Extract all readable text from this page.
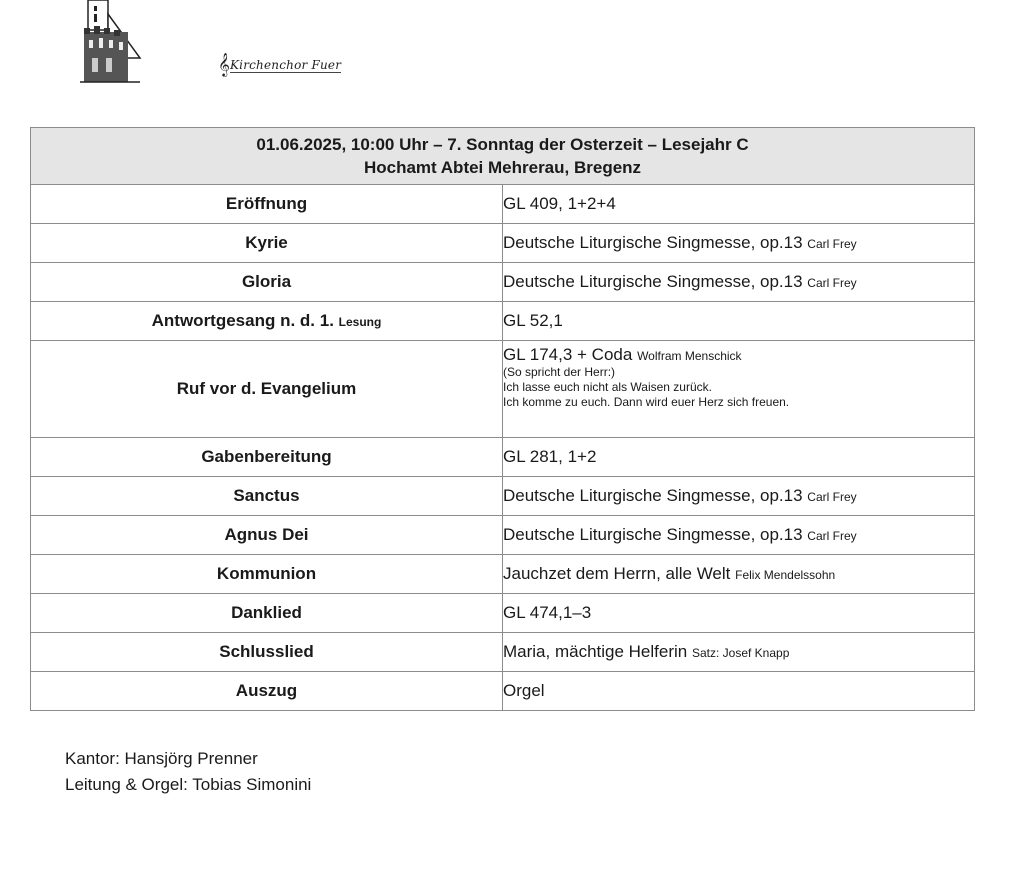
𝄞 Kirchenchor Fuer
01.06.2025, 10:00 Uhr – 7. Sonntag der Osterzeit – Lesejahr C
Hochamt Abtei Mehrerau, Bregenz	
Eröffnung	GL 409, 1+2+4
Kyrie	Deutsche Liturgische Singmesse, op.13 Carl Frey
Gloria	Deutsche Liturgische Singmesse, op.13 Carl Frey
Antwortgesang n. d. 1. Lesung	GL 52,1
Ruf vor d. Evangelium	GL 174,3 + Coda Wolfram Menschick
(So spricht der Herr:)
Ich lasse euch nicht als Waisen zurück.
Ich komme zu euch. Dann wird euer Herz sich freuen.

Gabenbereitung	GL 281, 1+2
Sanctus	Deutsche Liturgische Singmesse, op.13 Carl Frey
Agnus Dei	Deutsche Liturgische Singmesse, op.13 Carl Frey
Kommunion	Jauchzet dem Herrn, alle Welt Felix Mendelssohn
Danklied	GL 474,1–3
Schlusslied	Maria, mächtige Helferin Satz: Josef Knapp
Auszug	Orgel
Kantor: Hansjörg Prenner
Leitung & Orgel: Tobias Simonini
